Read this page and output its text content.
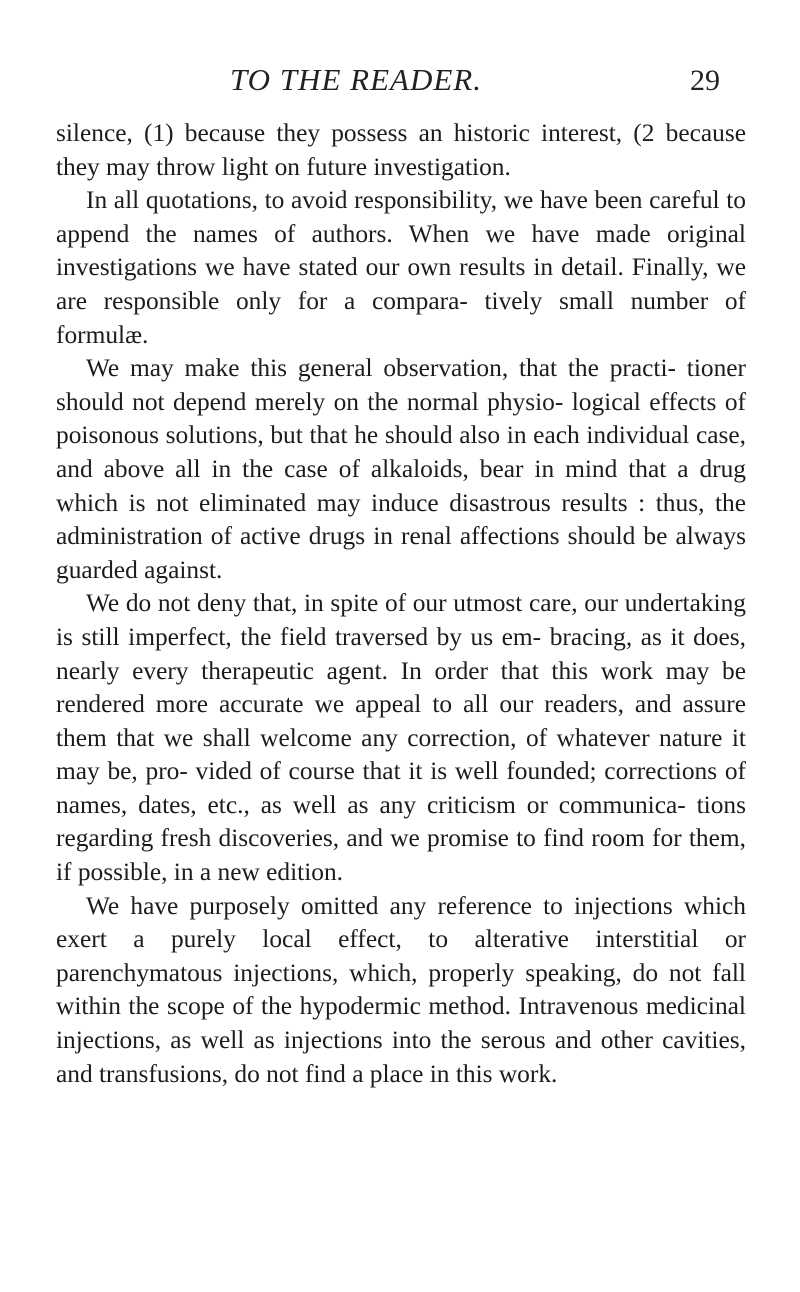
TO THE READER.	29

silence, (1) because they possess an historic interest, (2 because they may throw light on future investigation.

In all quotations, to avoid responsibility, we have been careful to append the names of authors. When we have made original investigations we have stated our own results in detail. Finally, we are responsible only for a compara- tively small number of formulæ.

We may make this general observation, that the practi- tioner should not depend merely on the normal physio- logical effects of poisonous solutions, but that he should also in each individual case, and above all in the case of alkaloids, bear in mind that a drug which is not eliminated may induce disastrous results : thus, the administration of active drugs in renal affections should be always guarded against.

We do not deny that, in spite of our utmost care, our undertaking is still imperfect, the field traversed by us em- bracing, as it does, nearly every therapeutic agent. In order that this work may be rendered more accurate we appeal to all our readers, and assure them that we shall welcome any correction, of whatever nature it may be, pro- vided of course that it is well founded; corrections of names, dates, etc., as well as any criticism or communica- tions regarding fresh discoveries, and we promise to find room for them, if possible, in a new edition.

We have purposely omitted any reference to injections which exert a purely local effect, to alterative interstitial or parenchymatous injections, which, properly speaking, do not fall within the scope of the hypodermic method. Intravenous medicinal injections, as well as injections into the serous and other cavities, and transfusions, do not find a place in this work.
